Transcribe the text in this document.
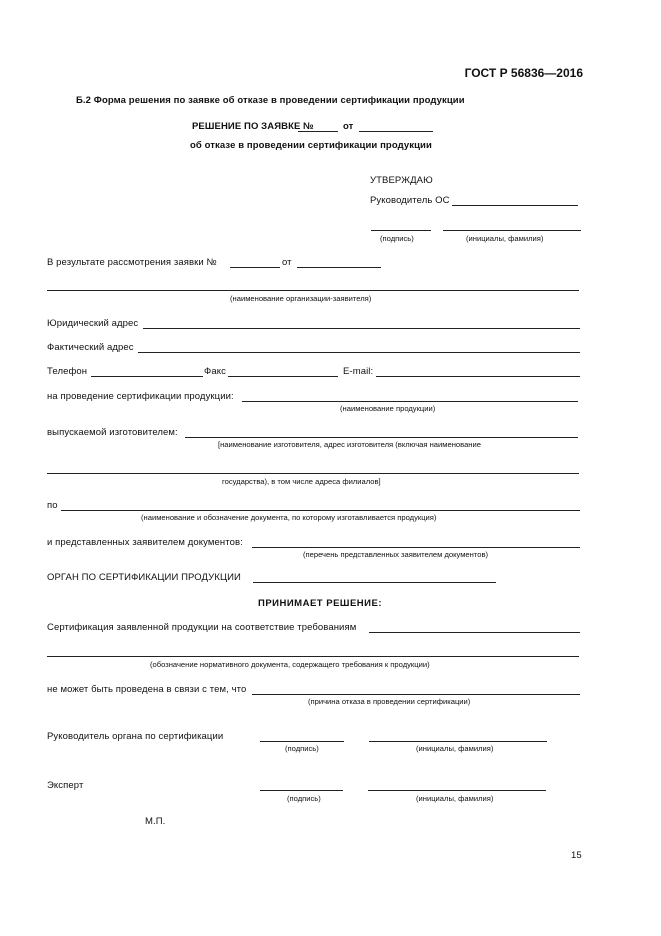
ГОСТ Р 56836—2016
Б.2 Форма решения по заявке об отказе в проведении сертификации продукции
РЕШЕНИЕ ПО ЗАЯВКЕ №	от
об отказе в проведении сертификации продукции
УТВЕРЖДАЮ
Руководитель ОС
(подпись)	(инициалы, фамилия)
В результате рассмотрения заявки №	от
(наименование организации-заявителя)
Юридический адрес
Фактический адрес
Телефон	Факс	E-mail:
на проведение сертификации продукции:
(наименование продукции)
выпускаемой изготовителем:
[наименование изготовителя, адрес изготовителя (включая наименование
государства), в том числе адреса филиалов]
по
(наименование и обозначение документа, по которому изготавливается продукция)
и представленных заявителем документов:
(перечень представленных заявителем документов)
ОРГАН ПО СЕРТИФИКАЦИИ ПРОДУКЦИИ
ПРИНИМАЕТ РЕШЕНИЕ:
Сертификация заявленной продукции на соответствие требованиям
(обозначение нормативного документа, содержащего требования к продукции)
не может быть проведена в связи с тем, что
(причина отказа в проведении сертификации)
Руководитель органа по сертификации
(подпись)	(инициалы, фамилия)
Эксперт
(подпись)	(инициалы, фамилия)
М.П.
15
